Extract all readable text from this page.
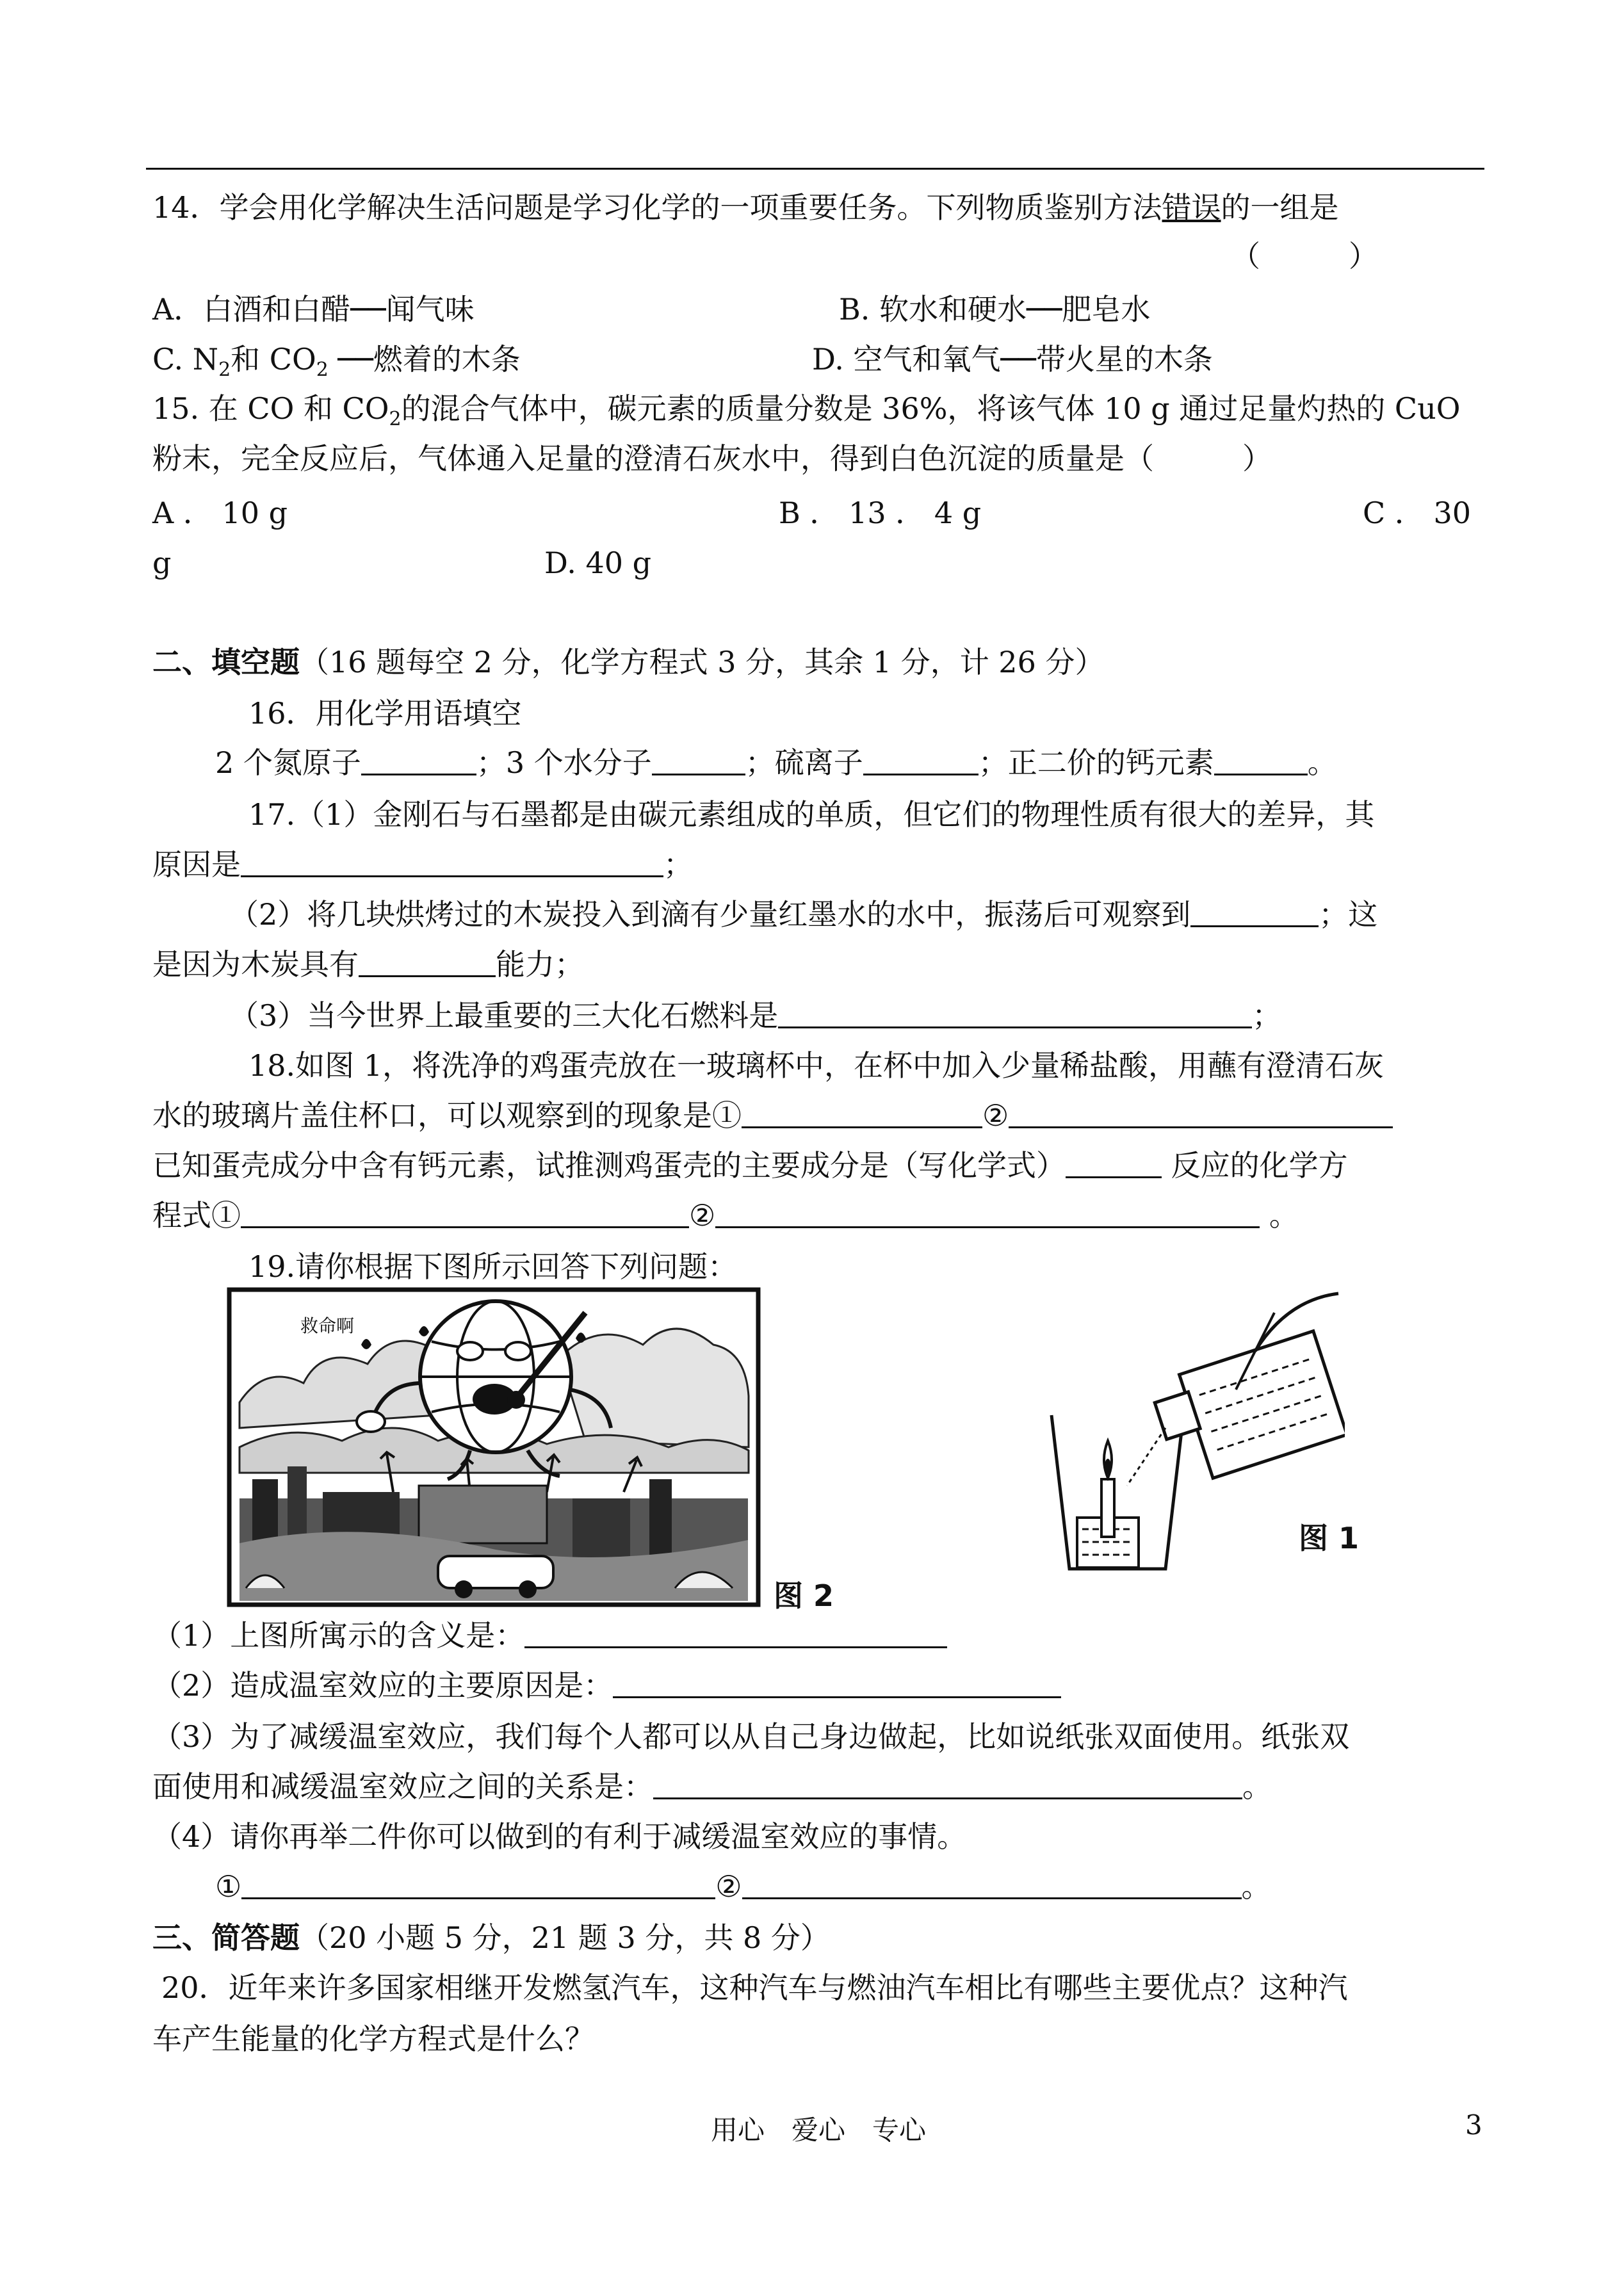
14．学会用化学解决生活问题是学习化学的一项重要任务。下列物质鉴别方法错误的一组是
（　　　）
A．白酒和白醋──闻气味	B. 软水和硬水──肥皂水
C. $N_2$和 $CO_2$ ──燃着的木条	D. 空气和氧气──带火星的木条
15. 在 CO 和 $CO_2$的混合气体中，碳元素的质量分数是 36%，将该气体 10 g 通过足量灼热的 CuO
粉末，完全反应后，气体通入足量的澄清石灰水中，得到白色沉淀的质量是（　　　）
A ． 10 g	B ． 13 ． 4 g	C ． 30
g	D. 40 g
二、填空题（16 题每空 2 分，化学方程式 3 分，其余 1 分，计 26 分）
16．用化学用语填空
2 个氮原子	；3 个水分子	；硫离子	；正二价的钙元素	。
17.（1）金刚石与石墨都是由碳元素组成的单质，但它们的物理性质有很大的差异，其
原因是	；
（2）将几块烘烤过的木炭投入到滴有少量红墨水的水中，振荡后可观察到	；这
是因为木炭具有	能力；
（3）当今世界上最重要的三大化石燃料是	；
18.如图 1，将洗净的鸡蛋壳放在一玻璃杯中，在杯中加入少量稀盐酸，用蘸有澄清石灰
水的玻璃片盖住杯口，可以观察到的现象是①	②
已知蛋壳成分中含有钙元素，试推测鸡蛋壳的主要成分是（写化学式）	反应的化学方
程式①	②	。
19.请你根据下图所示回答下列问题：
救命啊
图 2
图 1
（1）上图所寓示的含义是：
（2）造成温室效应的主要原因是：
（3）为了减缓温室效应，我们每个人都可以从自己身边做起，比如说纸张双面使用。纸张双
面使用和减缓温室效应之间的关系是：	。
（4）请你再举二件你可以做到的有利于减缓温室效应的事情。
①	②	。
三、简答题（20 小题 5 分，21 题 3 分，共 8 分）
20．近年来许多国家相继开发燃氢汽车，这种汽车与燃油汽车相比有哪些主要优点？这种汽
车产生能量的化学方程式是什么？
用心　爱心　专心	3
